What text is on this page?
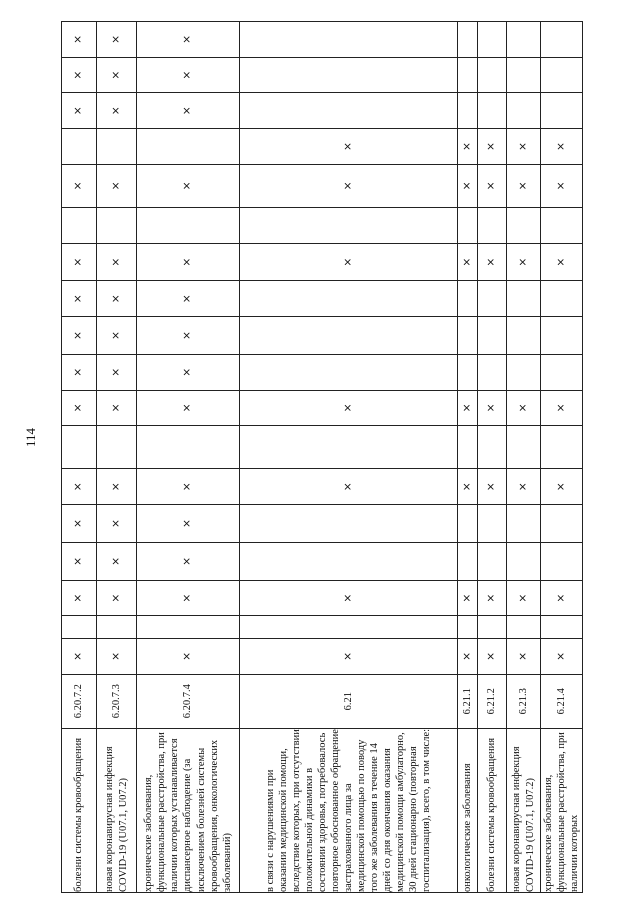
114
болезни системы кровообращения	6.20.7.2	×		×	×	×	×		×	×	×	×	×		×		×	×	×
новая коронавирусная инфекция COVID-19 (U07.1, U07.2)	6.20.7.3	×		×	×	×	×		×	×	×	×	×		×		×	×	×
хронические заболевания, функциональные расстройства, при наличии которых устанавливается диспансерное наблюдение (за исключением болезней системы кровообращения, онкологических заболеваний)	6.20.7.4	×		×	×	×	×		×	×	×	×	×		×		×	×	×
в связи с нарушениями при оказании медицинской помощи, вследствие которых, при отсутствии положительной динамики в состоянии здоровья, потребовалось повторное обоснованное обращение застрахованного лица за медицинской помощью по поводу того же заболевания в течение 14 дней со дня окончания оказания медицинской помощи амбулаторно, 30 дней стационарно (повторная госпитализация), всего, в том числе:	6.21	×		×			×		×				×		×	×			
онкологические заболевания	6.21.1	×		×			×		×				×		×	×			
болезни системы кровообращения	6.21.2	×		×			×		×				×		×	×			
новая коронавирусная инфекция COVID-19 (U07.1, U07.2)	6.21.3	×		×			×		×				×		×	×			
хронические заболевания, функциональные расстройства, при наличии которых	6.21.4	×		×			×		×				×		×	×			
